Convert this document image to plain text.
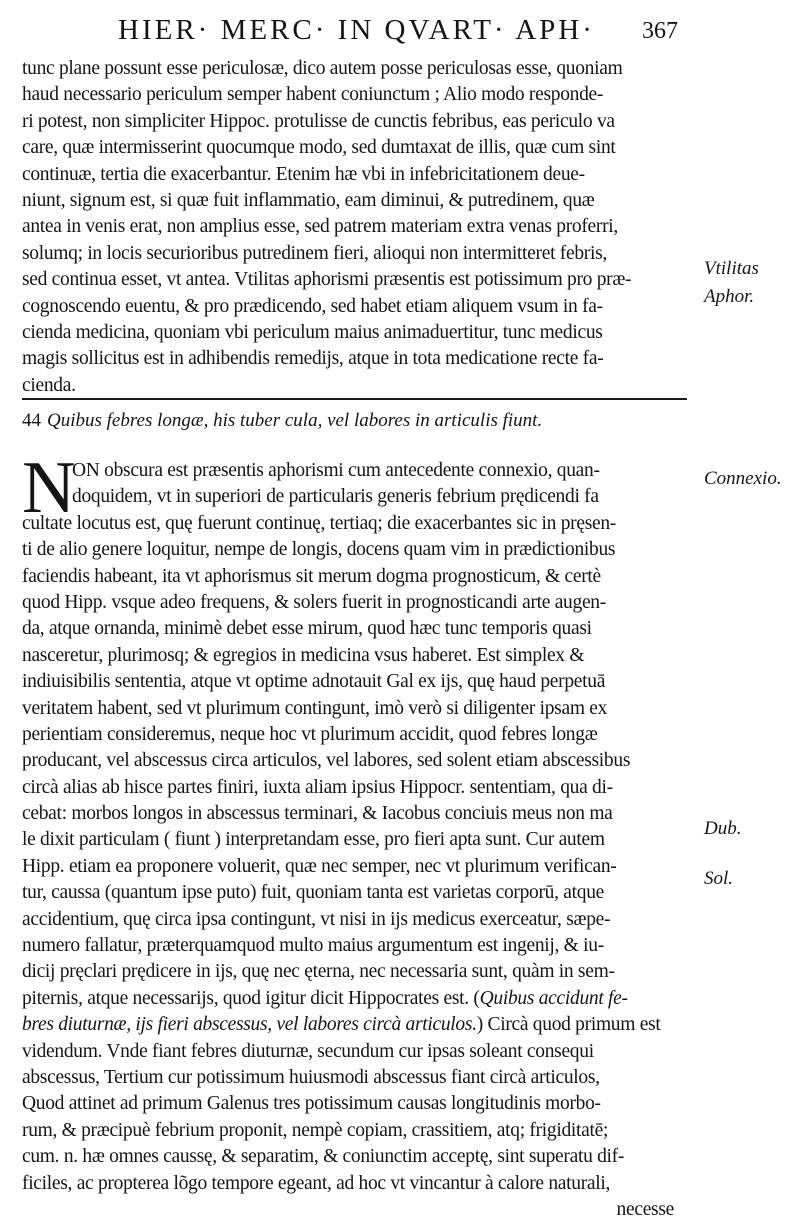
HIER· MERC· IN QVART· APH· 367
tunc plane possunt esse periculosæ, dico autem posse periculosas esse, quoniam
haud necessario periculum semper habent coniunctum ; Alio modo responde-
ri potest, non simpliciter Hippoc. protulisse de cunctis febribus, eas periculo va
care, quæ intermisserint quocumque modo, sed dumtaxat de illis, quæ cum sint
continuæ, tertia die exacerbantur. Etenim hæ vbi in infebricitationem deue-
niunt, signum est, si quæ fuit inflammatio, eam diminui, & putredinem, quæ
antea in venis erat, non amplius esse, sed patrem materiam extra venas proferri,
solumq; in locis securioribus putredinem fieri, alioqui non intermitteret febris,
sed continua esset, vt antea. Vtilitas aphorismi præsentis est potissimum pro præ-
cognoscendo euentu, & pro prædicendo, sed habet etiam aliquem vsum in fa-
cienda medicina, quoniam vbi periculum maius animaduertitur, tunc medicus
magis sollicitus est in adhibendis remedijs, atque in tota medicatione recte fa-
cienda.
44 Quibus febres longæ, his tuber cula, vel labores in articulis fiunt.
N
ON obscura est præsentis aphorismi cum antecedente connexio, quan-
doquidem, vt in superiori de particularis generis febrium prędicendi fa
cultate locutus est, quę fuerunt continuę, tertiaq; die exacerbantes sic in pręsen-
ti de alio genere loquitur, nempe de longis, docens quam vim in prædictionibus
faciendis habeant, ita vt aphorismus sit merum dogma prognosticum, & certè
quod Hipp. vsque adeo frequens, & solers fuerit in prognosticandi arte augen-
da, atque ornanda, minimè debet esse mirum, quod hæc tunc temporis quasi
nasceretur, plurimosq; & egregios in medicina vsus haberet. Est simplex &
indiuisibilis sententia, atque vt optime adnotauit Gal ex ijs, quę haud perpetuā
veritatem habent, sed vt plurimum contingunt, imò verò si diligenter ipsam ex
perientiam consideremus, neque hoc vt plurimum accidit, quod febres longæ
producant, vel abscessus circa articulos, vel labores, sed solent etiam abscessibus
circà alias ab hisce partes finiri, iuxta aliam ipsius Hippocr. sententiam, qua di-
cebat: morbos longos in abscessus terminari, & Iacobus conciuis meus non ma
le dixit particulam ( fiunt ) interpretandam esse, pro fieri apta sunt. Cur autem
Hipp. etiam ea proponere voluerit, quæ nec semper, nec vt plurimum verifican-
tur, caussa (quantum ipse puto) fuit, quoniam tanta est varietas corporū, atque
accidentium, quę circa ipsa contingunt, vt nisi in ijs medicus exerceatur, sæpe-
numero fallatur, præterquamquod multo maius argumentum est ingenij, & iu-
dicij pręclari prędicere in ijs, quę nec ęterna, nec necessaria sunt, quàm in sem-
piternis, atque necessarijs, quod igitur dicit Hippocrates est. (Quibus accidunt fe-
bres diuturnæ, ijs fieri abscessus, vel labores circà articulos.) Circà quod primum est
videndum. Vnde fiant febres diuturnæ, secundum cur ipsas soleant consequi
abscessus, Tertium cur potissimum huiusmodi abscessus fiant circà articulos,
Quod attinet ad primum Galenus tres potissimum causas longitudinis morbo-
rum, & præcipuè febrium proponit, nempè copiam, crassitiem, atq; frigiditatē;
cum. n. hæ omnes caussę, & separatim, & coniunctim acceptę, sint superatu dif-
ficiles, ac propterea lõgo tempore egeant, ad hoc vt vincantur à calore naturali,
necesse
Vtilitas
Aphor.
Connexio.
Dub.
Sol.
